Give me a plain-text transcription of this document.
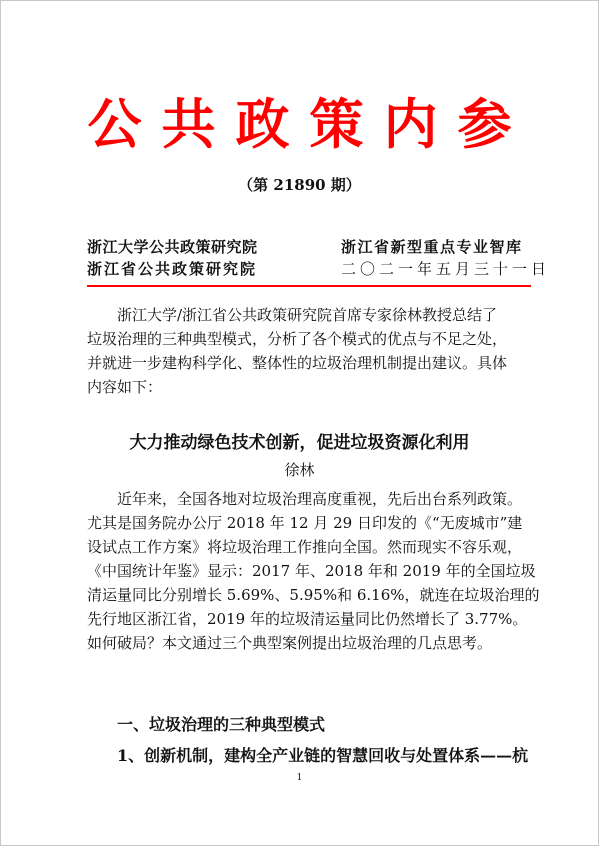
公共政策内参
（第 21890 期）
浙江大学公共政策研究院
浙江省公共政策研究院
浙江省新型重点专业智库
二〇二一年五月三十一日
浙江大学/浙江省公共政策研究院首席专家徐林教授总结了
垃圾治理的三种典型模式，分析了各个模式的优点与不足之处，
并就进一步建构科学化、整体性的垃圾治理机制提出建议。具体
内容如下：
大力推动绿色技术创新，促进垃圾资源化利用
徐林
近年来，全国各地对垃圾治理高度重视，先后出台系列政策。
尤其是国务院办公厅 2018 年 12 月 29 日印发的《“无废城市”建
设试点工作方案》将垃圾治理工作推向全国。然而现实不容乐观，
《中国统计年鉴》显示：2017 年、2018 年和 2019 年的全国垃圾
清运量同比分别增长 5.69%、5.95%和 6.16%，就连在垃圾治理的
先行地区浙江省，2019 年的垃圾清运量同比仍然增长了 3.77%。
如何破局？本文通过三个典型案例提出垃圾治理的几点思考。
一、垃圾治理的三种典型模式
1、创新机制，建构全产业链的智慧回收与处置体系——杭
1
